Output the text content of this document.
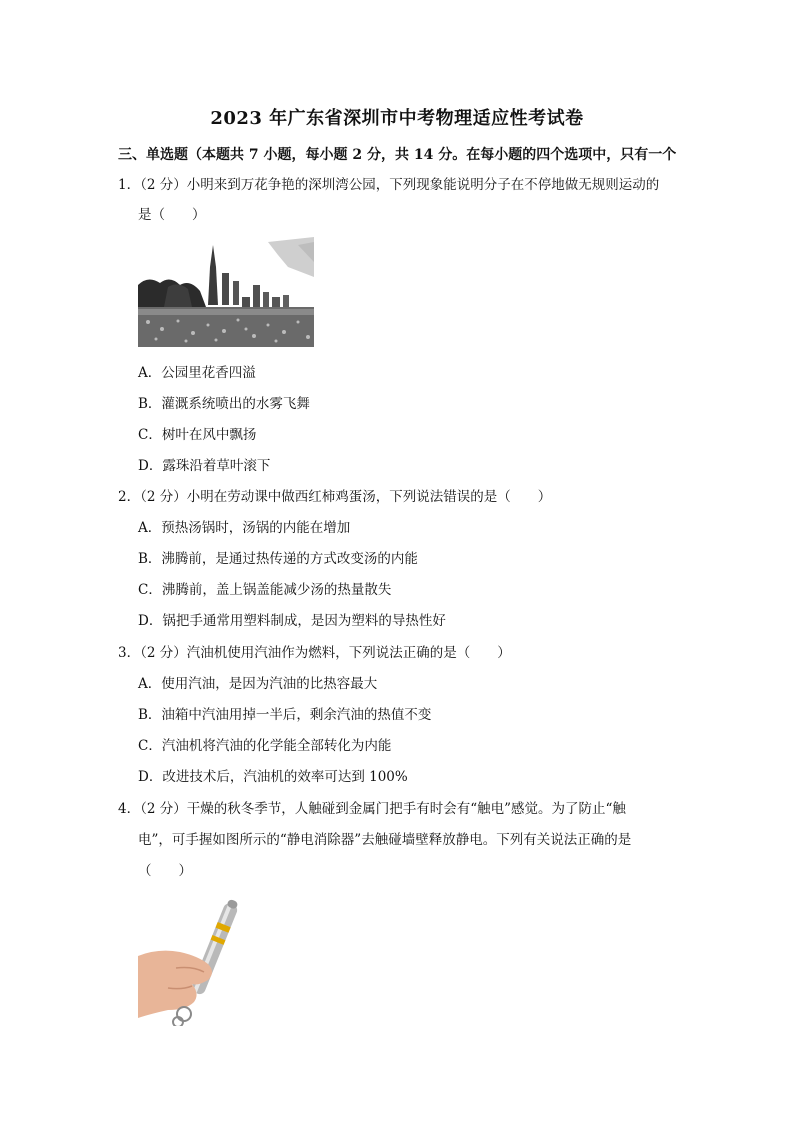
2023 年广东省深圳市中考物理适应性考试卷
三、单选题（本题共 7 小题，每小题 2 分，共 14 分。在每小题的四个选项中，只有一个
1．（2 分）小明来到万花争艳的深圳湾公园，下列现象能说明分子在不停地做无规则运动的
是（　　）
A．公园里花香四溢
B．灌溉系统喷出的水雾飞舞
C．树叶在风中飘扬
D．露珠沿着草叶滚下
2．（2 分）小明在劳动课中做西红柿鸡蛋汤，下列说法错误的是（　　）
A．预热汤锅时，汤锅的内能在增加
B．沸腾前，是通过热传递的方式改变汤的内能
C．沸腾前，盖上锅盖能减少汤的热量散失
D．锅把手通常用塑料制成，是因为塑料的导热性好
3．（2 分）汽油机使用汽油作为燃料，下列说法正确的是（　　）
A．使用汽油，是因为汽油的比热容最大
B．油箱中汽油用掉一半后，剩余汽油的热值不变
C．汽油机将汽油的化学能全部转化为内能
D．改进技术后，汽油机的效率可达到 100%
4．（2 分）干燥的秋冬季节，人触碰到金属门把手有时会有“触电”感觉。为了防止“触
电”，可手握如图所示的“静电消除器”去触碰墙壁释放静电。下列有关说法正确的是
（　　）
